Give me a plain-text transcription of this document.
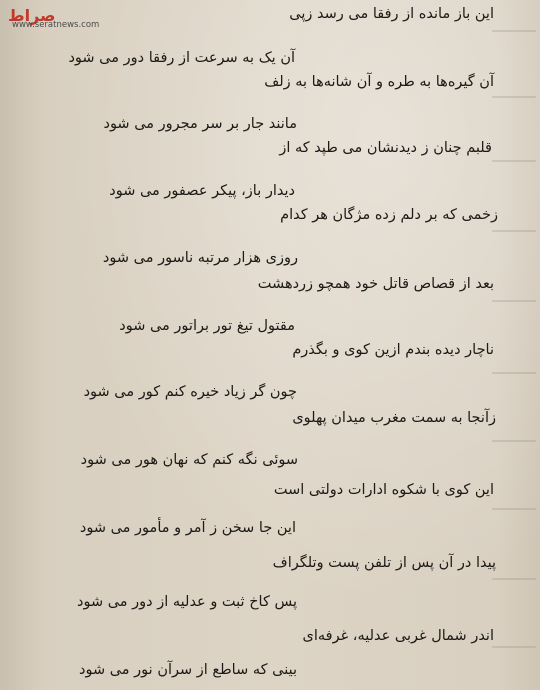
صراط
www.seratnews.com
این باز مانده از رفقا می رسد زپی
آن یک به سرعت از رفقا دور می شود
آن گیره‌ها به طره و آن شانه‌ها به زلف
مانند جار بر سر مجرور می شود
قلبم چنان ز دیدنشان می طپد که از
دیدار باز، پیکر عصفور می شود
زخمی که بر دلم زده مژگان هر کدام
روزی هزار مرتبه ناسور می شود
بعد از قصاص قاتل خود همچو زردهشت
مقتول تیغ تور براتور می شود
ناچار دیده بندم ازین کوی و بگذرم
چون گر زیاد خیره کنم کور می شود
زآنجا به سمت مغرب میدان پهلوی
سوئی نگه کنم که نهان هور می شود
این کوی با شکوه ادارات دولتی است
این جا سخن ز آمر و مأمور می شود
پیدا در آن پس از تلفن پست وتلگراف
پس کاخ ثبت و عدلیه از دور می شود
اندر شمال غربی عدلیه، غرفه‌ای
بینی که ساطع از سرآن نور می شود
